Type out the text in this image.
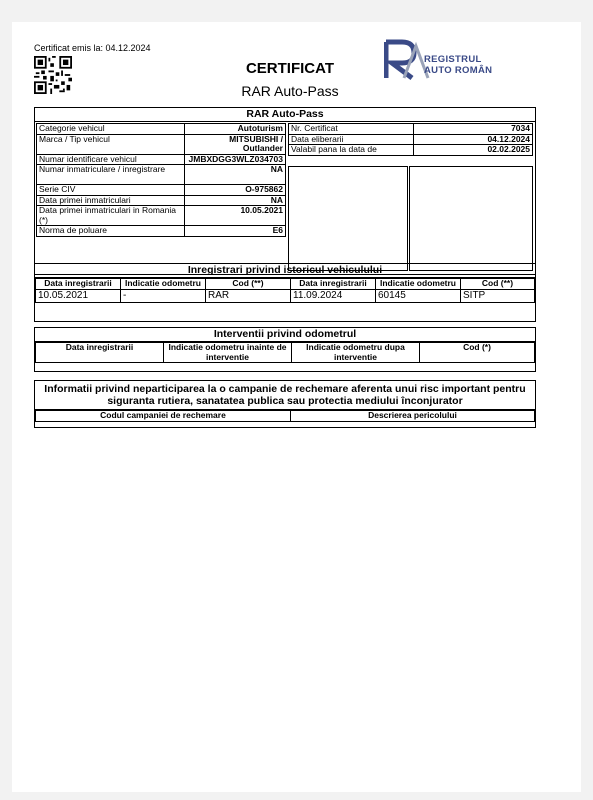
Certificat emis la: 04.12.2024
CERTIFICAT
RAR Auto-Pass
REGISTRUL
AUTO ROMÂN
RAR Auto-Pass
Categorie vehicul	Autoturism
Marca / Tip vehicul	MITSUBISHI / Outlander
Numar identificare vehicul	JMBXDGG3WLZ034703
Numar inmatriculare / inregistrare	NA
Serie CIV	O-975862
Data primei inmatriculari	NA
Data primei inmatriculari in Romania (*)	10.05.2021
Norma de poluare	E6
Nr. Certificat	7034
Data eliberarii	04.12.2024
Valabil pana la data de	02.02.2025
Inregistrari privind istoricul vehiculului
Data inregistrarii	Indicatie odometru	Cod (**)	Data inregistrarii	Indicatie odometru	Cod (**)
10.05.2021	-	RAR	11.09.2024	60145	SITP
Interventii privind odometrul
Data inregistrarii	Indicatie odometru inainte de interventie	Indicatie odometru dupa interventie	Cod (*)
Informatii privind neparticiparea la o campanie de rechemare aferenta unui risc important pentru siguranta rutiera, sanatatea publica sau protectia mediului înconjurator
Codul campaniei de rechemare	Descrierea pericolului
